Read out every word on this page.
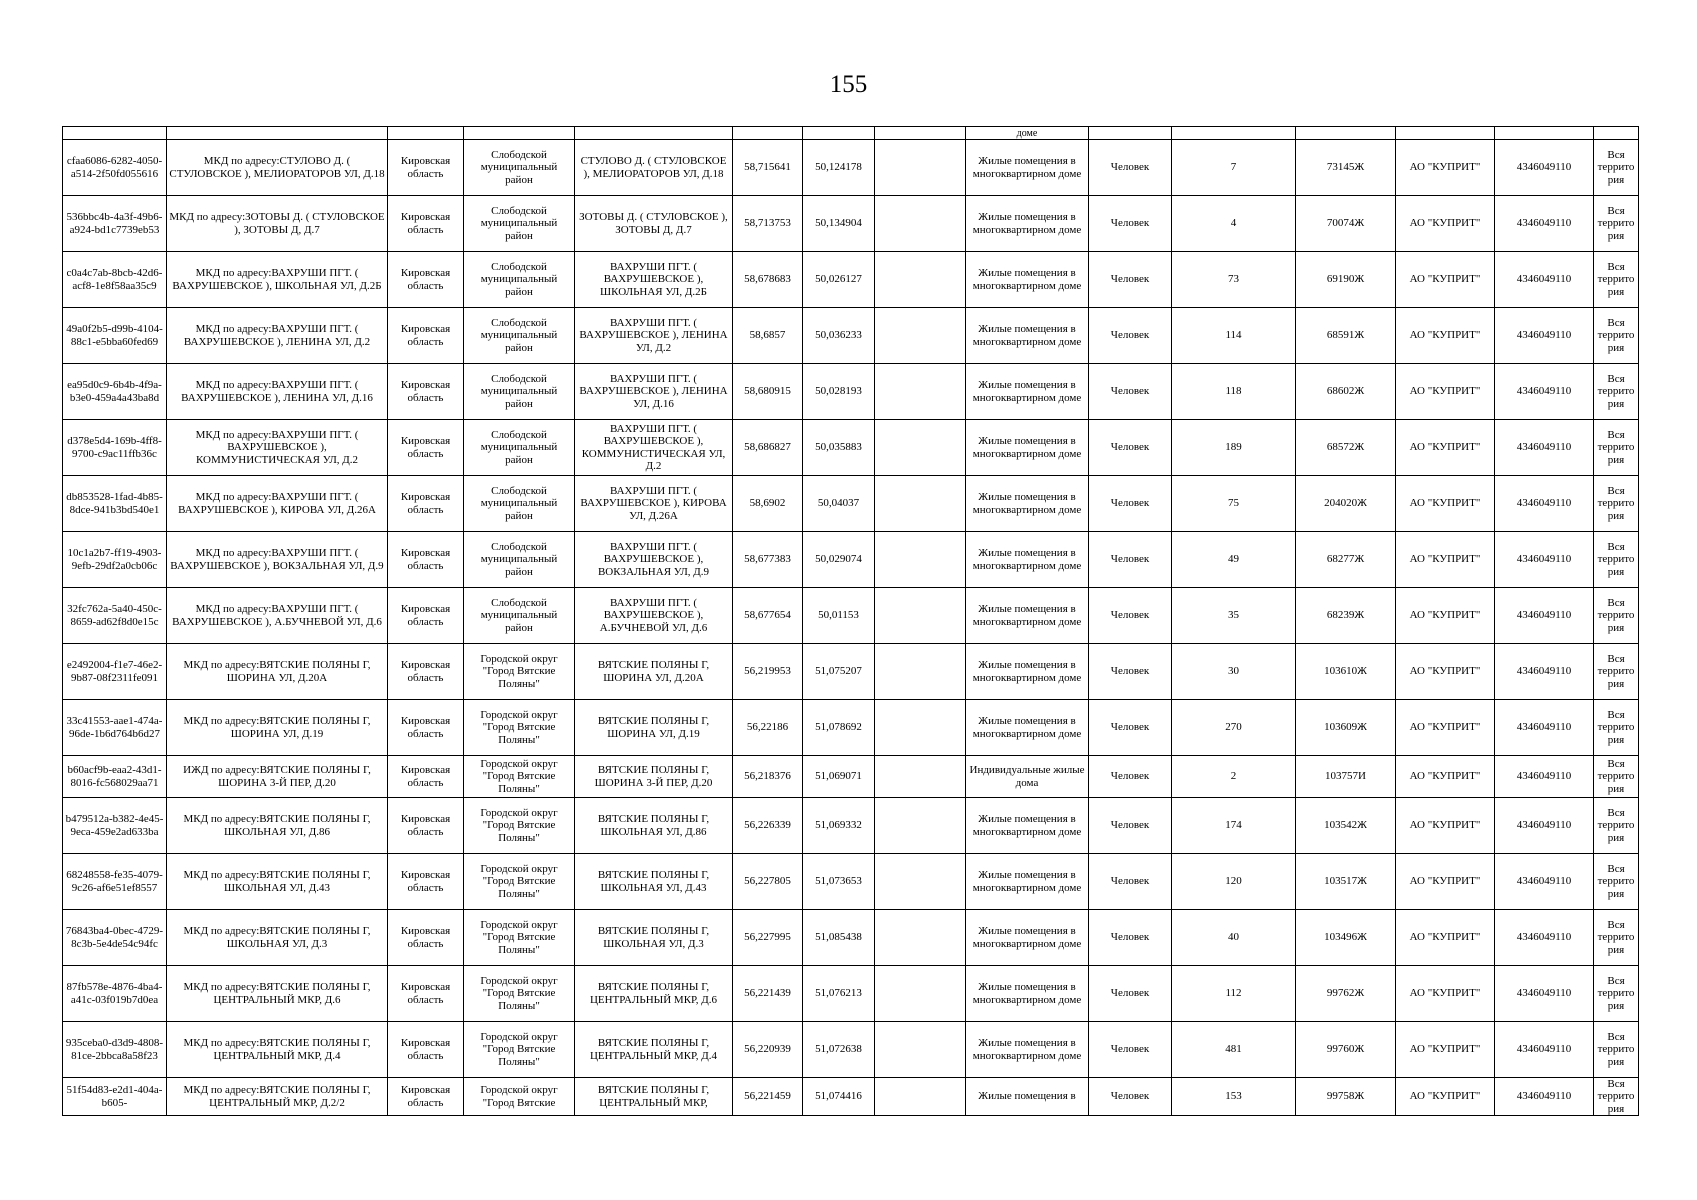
155
								доме						
cfaa6086-6282-4050-a514-2f50fd055616	МКД по адресу:СТУЛОВО Д. ( СТУЛОВСКОЕ ), МЕЛИОРАТОРОВ УЛ, Д.18	Кировская область	Слободской муниципальный район	СТУЛОВО Д. ( СТУЛОВСКОЕ ), МЕЛИОРАТОРОВ УЛ, Д.18	58,715641	50,124178		Жилые помещения в многоквартирном доме	Человек	7	73145Ж	АО "КУПРИТ"	4346049110	Вся территория
536bbc4b-4a3f-49b6-a924-bd1c7739eb53	МКД по адресу:ЗОТОВЫ Д. ( СТУЛОВСКОЕ ), ЗОТОВЫ Д, Д.7	Кировская область	Слободской муниципальный район	ЗОТОВЫ Д. ( СТУЛОВСКОЕ ), ЗОТОВЫ Д, Д.7	58,713753	50,134904		Жилые помещения в многоквартирном доме	Человек	4	70074Ж	АО "КУПРИТ"	4346049110	Вся территория
c0a4c7ab-8bcb-42d6-acf8-1e8f58aa35c9	МКД по адресу:ВАХРУШИ ПГТ. ( ВАХРУШЕВСКОЕ ), ШКОЛЬНАЯ УЛ, Д.2Б	Кировская область	Слободской муниципальный район	ВАХРУШИ ПГТ. ( ВАХРУШЕВСКОЕ ), ШКОЛЬНАЯ УЛ, Д.2Б	58,678683	50,026127		Жилые помещения в многоквартирном доме	Человек	73	69190Ж	АО "КУПРИТ"	4346049110	Вся территория
49a0f2b5-d99b-4104-88c1-e5bba60fed69	МКД по адресу:ВАХРУШИ ПГТ. ( ВАХРУШЕВСКОЕ ), ЛЕНИНА УЛ, Д.2	Кировская область	Слободской муниципальный район	ВАХРУШИ ПГТ. ( ВАХРУШЕВСКОЕ ), ЛЕНИНА УЛ, Д.2	58,6857	50,036233		Жилые помещения в многоквартирном доме	Человек	114	68591Ж	АО "КУПРИТ"	4346049110	Вся территория
ea95d0c9-6b4b-4f9a-b3e0-459a4a43ba8d	МКД по адресу:ВАХРУШИ ПГТ. ( ВАХРУШЕВСКОЕ ), ЛЕНИНА УЛ, Д.16	Кировская область	Слободской муниципальный район	ВАХРУШИ ПГТ. ( ВАХРУШЕВСКОЕ ), ЛЕНИНА УЛ, Д.16	58,680915	50,028193		Жилые помещения в многоквартирном доме	Человек	118	68602Ж	АО "КУПРИТ"	4346049110	Вся территория
d378e5d4-169b-4ff8-9700-c9ac11ffb36c	МКД по адресу:ВАХРУШИ ПГТ. ( ВАХРУШЕВСКОЕ ), КОММУНИСТИЧЕСКАЯ УЛ, Д.2	Кировская область	Слободской муниципальный район	ВАХРУШИ ПГТ. ( ВАХРУШЕВСКОЕ ), КОММУНИСТИЧЕСКАЯ УЛ, Д.2	58,686827	50,035883		Жилые помещения в многоквартирном доме	Человек	189	68572Ж	АО "КУПРИТ"	4346049110	Вся территория
db853528-1fad-4b85-8dce-941b3bd540e1	МКД по адресу:ВАХРУШИ ПГТ. ( ВАХРУШЕВСКОЕ ), КИРОВА УЛ, Д.26А	Кировская область	Слободской муниципальный район	ВАХРУШИ ПГТ. ( ВАХРУШЕВСКОЕ ), КИРОВА УЛ, Д.26А	58,6902	50,04037		Жилые помещения в многоквартирном доме	Человек	75	204020Ж	АО "КУПРИТ"	4346049110	Вся территория
10c1a2b7-ff19-4903-9efb-29df2a0cb06c	МКД по адресу:ВАХРУШИ ПГТ. ( ВАХРУШЕВСКОЕ ), ВОКЗАЛЬНАЯ УЛ, Д.9	Кировская область	Слободской муниципальный район	ВАХРУШИ ПГТ. ( ВАХРУШЕВСКОЕ ), ВОКЗАЛЬНАЯ УЛ, Д.9	58,677383	50,029074		Жилые помещения в многоквартирном доме	Человек	49	68277Ж	АО "КУПРИТ"	4346049110	Вся территория
32fc762a-5a40-450c-8659-ad62f8d0e15c	МКД по адресу:ВАХРУШИ ПГТ. ( ВАХРУШЕВСКОЕ ), А.БУЧНЕВОЙ УЛ, Д.6	Кировская область	Слободской муниципальный район	ВАХРУШИ ПГТ. ( ВАХРУШЕВСКОЕ ), А.БУЧНЕВОЙ УЛ, Д.6	58,677654	50,01153		Жилые помещения в многоквартирном доме	Человек	35	68239Ж	АО "КУПРИТ"	4346049110	Вся территория
e2492004-f1e7-46e2-9b87-08f2311fe091	МКД по адресу:ВЯТСКИЕ ПОЛЯНЫ Г, ШОРИНА УЛ, Д.20А	Кировская область	Городской округ "Город Вятские Поляны"	ВЯТСКИЕ ПОЛЯНЫ Г, ШОРИНА УЛ, Д.20А	56,219953	51,075207		Жилые помещения в многоквартирном доме	Человек	30	103610Ж	АО "КУПРИТ"	4346049110	Вся территория
33c41553-aae1-474a-96de-1b6d764b6d27	МКД по адресу:ВЯТСКИЕ ПОЛЯНЫ Г, ШОРИНА УЛ, Д.19	Кировская область	Городской округ "Город Вятские Поляны"	ВЯТСКИЕ ПОЛЯНЫ Г, ШОРИНА УЛ, Д.19	56,22186	51,078692		Жилые помещения в многоквартирном доме	Человек	270	103609Ж	АО "КУПРИТ"	4346049110	Вся территория
b60acf9b-eaa2-43d1-8016-fc568029aa71	ИЖД по адресу:ВЯТСКИЕ ПОЛЯНЫ Г, ШОРИНА 3-Й ПЕР, Д.20	Кировская область	Городской округ "Город Вятские Поляны"	ВЯТСКИЕ ПОЛЯНЫ Г, ШОРИНА 3-Й ПЕР, Д.20	56,218376	51,069071		Индивидуальные жилые дома	Человек	2	103757И	АО "КУПРИТ"	4346049110	Вся территория
b479512a-b382-4e45-9eca-459e2ad633ba	МКД по адресу:ВЯТСКИЕ ПОЛЯНЫ Г, ШКОЛЬНАЯ УЛ, Д.86	Кировская область	Городской округ "Город Вятские Поляны"	ВЯТСКИЕ ПОЛЯНЫ Г, ШКОЛЬНАЯ УЛ, Д.86	56,226339	51,069332		Жилые помещения в многоквартирном доме	Человек	174	103542Ж	АО "КУПРИТ"	4346049110	Вся территория
68248558-fe35-4079-9c26-af6e51ef8557	МКД по адресу:ВЯТСКИЕ ПОЛЯНЫ Г, ШКОЛЬНАЯ УЛ, Д.43	Кировская область	Городской округ "Город Вятские Поляны"	ВЯТСКИЕ ПОЛЯНЫ Г, ШКОЛЬНАЯ УЛ, Д.43	56,227805	51,073653		Жилые помещения в многоквартирном доме	Человек	120	103517Ж	АО "КУПРИТ"	4346049110	Вся территория
76843ba4-0bec-4729-8c3b-5e4de54c94fc	МКД по адресу:ВЯТСКИЕ ПОЛЯНЫ Г, ШКОЛЬНАЯ УЛ, Д.3	Кировская область	Городской округ "Город Вятские Поляны"	ВЯТСКИЕ ПОЛЯНЫ Г, ШКОЛЬНАЯ УЛ, Д.3	56,227995	51,085438		Жилые помещения в многоквартирном доме	Человек	40	103496Ж	АО "КУПРИТ"	4346049110	Вся территория
87fb578e-4876-4ba4-a41c-03f019b7d0ea	МКД по адресу:ВЯТСКИЕ ПОЛЯНЫ Г, ЦЕНТРАЛЬНЫЙ МКР, Д.6	Кировская область	Городской округ "Город Вятские Поляны"	ВЯТСКИЕ ПОЛЯНЫ Г, ЦЕНТРАЛЬНЫЙ МКР, Д.6	56,221439	51,076213		Жилые помещения в многоквартирном доме	Человек	112	99762Ж	АО "КУПРИТ"	4346049110	Вся территория
935ceba0-d3d9-4808-81ce-2bbca8a58f23	МКД по адресу:ВЯТСКИЕ ПОЛЯНЫ Г, ЦЕНТРАЛЬНЫЙ МКР, Д.4	Кировская область	Городской округ "Город Вятские Поляны"	ВЯТСКИЕ ПОЛЯНЫ Г, ЦЕНТРАЛЬНЫЙ МКР, Д.4	56,220939	51,072638		Жилые помещения в многоквартирном доме	Человек	481	99760Ж	АО "КУПРИТ"	4346049110	Вся территория
51f54d83-e2d1-404a-b605-	МКД по адресу:ВЯТСКИЕ ПОЛЯНЫ Г, ЦЕНТРАЛЬНЫЙ МКР, Д.2/2	Кировская область	Городской округ "Город Вятские	ВЯТСКИЕ ПОЛЯНЫ Г, ЦЕНТРАЛЬНЫЙ МКР,	56,221459	51,074416		Жилые помещения в	Человек	153	99758Ж	АО "КУПРИТ"	4346049110	Вся территория
